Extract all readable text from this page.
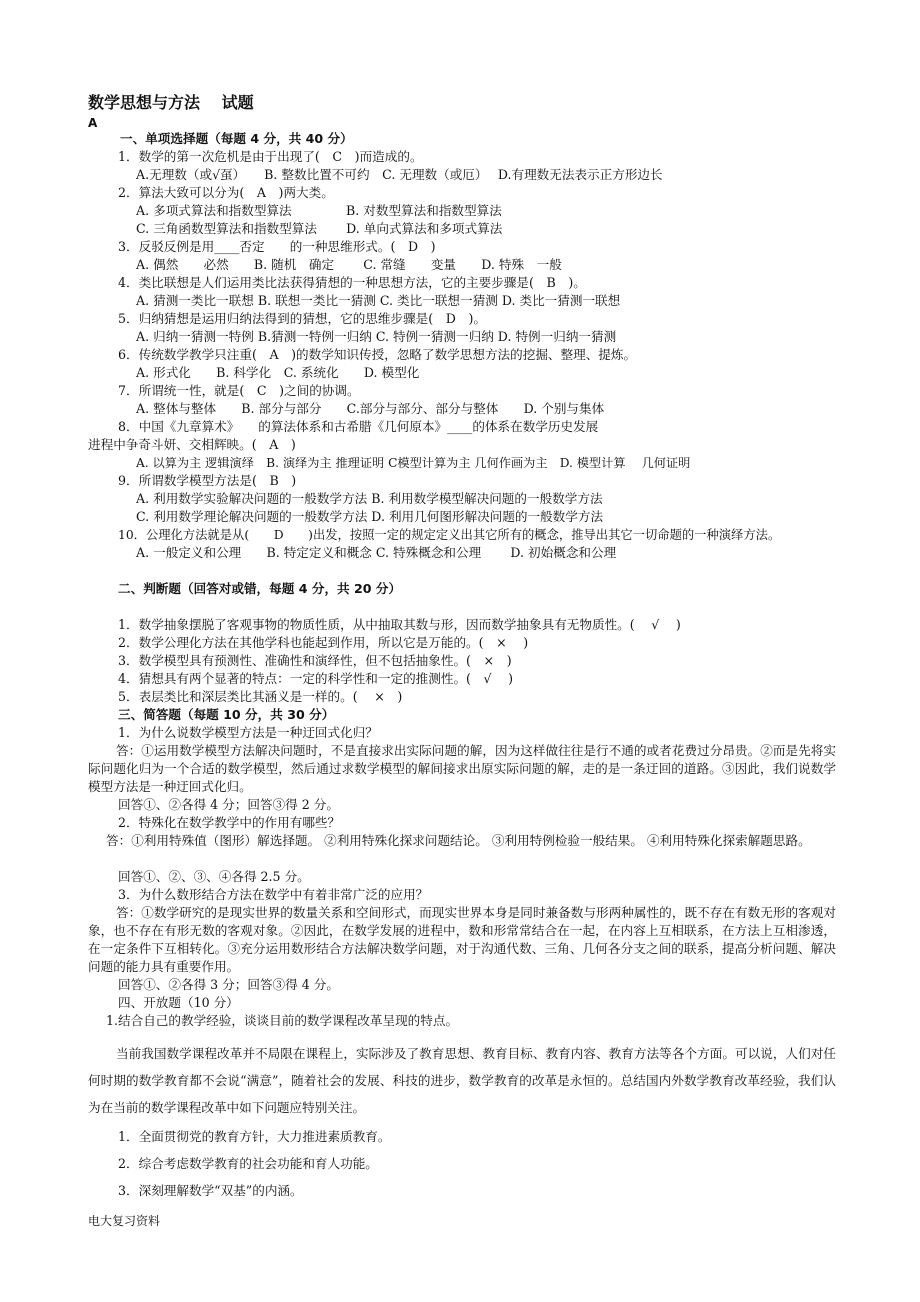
数学思想与方法　 试题
A
一、单项选择题（每题 4 分，共 40 分）
1．数学的第一次危机是由于出现了(　C　)而造成的。
A.无理数（或√虿）　　B. 整数比置不可约　C. 无理数（或厄）　 D.有理数无法表示正方形边长
2．算法大致可以分为(　A　)两大类。
A. 多项式算法和指数型算法　　　　 B. 对数型算法和指数型算法
C. 三角函数型算法和指数型算法　　 D. 单向式算法和多项式算法
3．反驳反例是用____否定　　的一种思维形式。(　D　)
A. 偶然　　必然　　B. 随机　确定　　 C. 常缝　　变量　　D. 特殊　一般
4．类比联想是人们运用类比法获得猜想的一种思想方法，它的主要步骤是(　B　)。
A. 猜测一类比一联想 B. 联想一类比一猜测 C. 类比一联想一猜测 D. 类比一猜测一联想
5．归纳猜想是运用归纳法得到的猜想，它的思维步骤是(　D　)。
A. 归纳一猜测一特例 B.猜测一特例一归纳 C. 特例一猜测一归纳 D. 特例一归纳一猜测
6．传统数学教学只注重(　A　)的数学知识传授，忽略了数学思想方法的挖掘、整理、提炼。
A. 形式化　　B. 科学化　C. 系统化　　D. 模型化
7．所谓统一性，就是(　C　)之间的协调。
A. 整体与整体　　B. 部分与部分　　C.部分与部分、部分与整体　　D. 个别与集体
8．中国《九章算术》　　的算法体系和古希腊《几何原本》____的体系在数学历史发展
进程中争奇斗妍、交相辉映。(　A　)
A. 以算为主 逻辑演绎　B. 演绎为主 推理证明 C模型计算为主 几何作画为主　D. 模型计算　 几何证明
9．所谓数学模型方法是(　B　)
A. 利用数学实验解决问题的一般数学方法 B. 利用数学模型解决问题的一般数学方法
C. 利用数学理论解决问题的一般数学方法 D. 利用几何图形解决问题的一般数学方法
10．公理化方法就是从(　　D　　)出发，按照一定的规定定义出其它所有的概念，推导出其它一切命题的一种演绎方法。
A. 一般定义和公理　　B. 特定定义和概念 C. 特殊概念和公理　　 D. 初始概念和公理
二、判断题（回答对或错，每题 4 分，共 20 分）
1．数学抽象摆脱了客观事物的物质性质，从中抽取其数与形，因而数学抽象具有无物质性。(　 √　 )
2．数学公理化方法在其他学科也能起到作用，所以它是万能的。(　×　 )
3．数学模型具有预测性、准确性和演绎性，但不包括抽象性。(　×　)
4．猜想具有两个显著的特点：一定的科学性和一定的推测性。(　√　 )
5．表层类比和深层类比其涵义是一样的。(　 ×　)
三、简答题（每题 10 分，共 30 分）
1．为什么说数学模型方法是一种迂回式化归？
答：①运用数学模型方法解决问题时，不是直接求出实际问题的解，因为这样做往往是行不通的或者花费过分昂贵。②而是先将实际问题化归为一个合适的数学模型，然后通过求数学模型的解间接求出原实际问题的解，走的是一条迂回的道路。③因此，我们说数学模型方法是一种迂回式化归。
回答①、②各得 4 分；回答③得 2 分。
2．特殊化在数学教学中的作用有哪些？
答：①利用特殊值（图形）解选择题。 ②利用特殊化探求问题结论。 ③利用特例检验一般结果。 ④利用特殊化探索解题思路。
回答①、②、③、④各得 2.5 分。
3．为什么数形结合方法在数学中有着非常广泛的应用？
答：①数学研究的是现实世界的数量关系和空间形式，而现实世界本身是同时兼备数与形两种属性的，既不存在有数无形的客观对象，也不存在有形无数的客观对象。②因此，在数学发展的进程中，数和形常常结合在一起，在内容上互相联系，在方法上互相渗透，在一定条件下互相转化。③充分运用数形结合方法解决数学问题，对于沟通代数、三角、几何各分支之间的联系，提高分析问题、解决问题的能力具有重要作用。
回答①、②各得 3 分；回答③得 4 分。
四、开放题（10 分）
1.结合自己的教学经验，谈谈目前的数学课程改革呈现的特点。
当前我国数学课程改革并不局限在课程上，实际涉及了教育思想、教育目标、教育内容、教育方法等各个方面。可以说，人们对任何时期的数学教育都不会说“满意”，随着社会的发展、科技的进步，数学教育的改革是永恒的。总结国内外数学教育改革经验，我们认为在当前的数学课程改革中如下问题应特别关注。
1．全面贯彻党的教育方针，大力推进素质教育。
2．综合考虑数学教育的社会功能和育人功能。
3．深刻理解数学“双基”的内涵。
电大复习资料
